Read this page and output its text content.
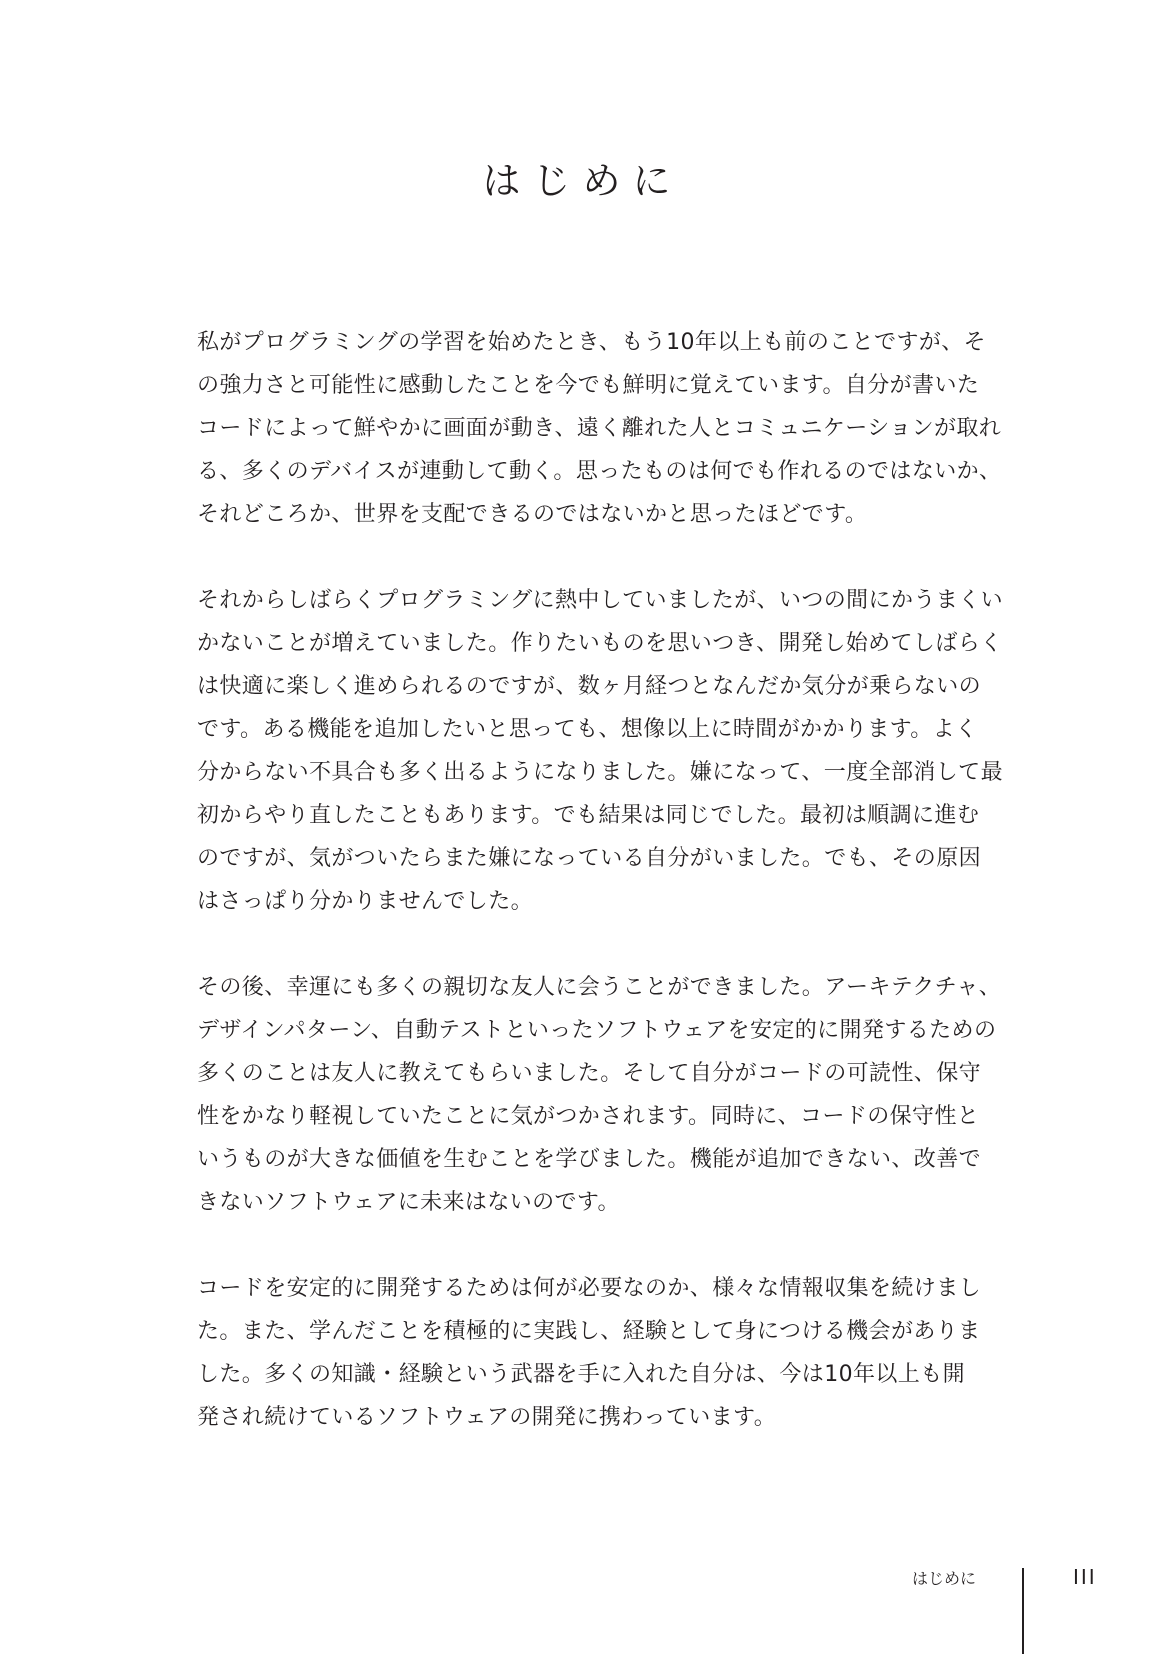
はじめに

私がプログラミングの学習を始めたとき、もう10年以上も前のことですが、そ
の強力さと可能性に感動したことを今でも鮮明に覚えています。自分が書いた
コードによって鮮やかに画面が動き、遠く離れた人とコミュニケーションが取れ
る、多くのデバイスが連動して動く。思ったものは何でも作れるのではないか、
それどころか、世界を支配できるのではないかと思ったほどです。

それからしばらくプログラミングに熱中していましたが、いつの間にかうまくい
かないことが増えていました。作りたいものを思いつき、開発し始めてしばらく
は快適に楽しく進められるのですが、数ヶ月経つとなんだか気分が乗らないの
です。ある機能を追加したいと思っても、想像以上に時間がかかります。よく
分からない不具合も多く出るようになりました。嫌になって、一度全部消して最
初からやり直したこともあります。でも結果は同じでした。最初は順調に進む
のですが、気がついたらまた嫌になっている自分がいました。でも、その原因
はさっぱり分かりませんでした。

その後、幸運にも多くの親切な友人に会うことができました。アーキテクチャ、
デザインパターン、自動テストといったソフトウェアを安定的に開発するための
多くのことは友人に教えてもらいました。そして自分がコードの可読性、保守
性をかなり軽視していたことに気がつかされます。同時に、コードの保守性と
いうものが大きな価値を生むことを学びました。機能が追加できない、改善で
きないソフトウェアに未来はないのです。

コードを安定的に開発するためは何が必要なのか、様々な情報収集を続けまし
た。また、学んだことを積極的に実践し、経験として身につける機会がありま
した。多くの知識・経験という武器を手に入れた自分は、今は10年以上も開
発され続けているソフトウェアの開発に携わっています。

はじめに	III
